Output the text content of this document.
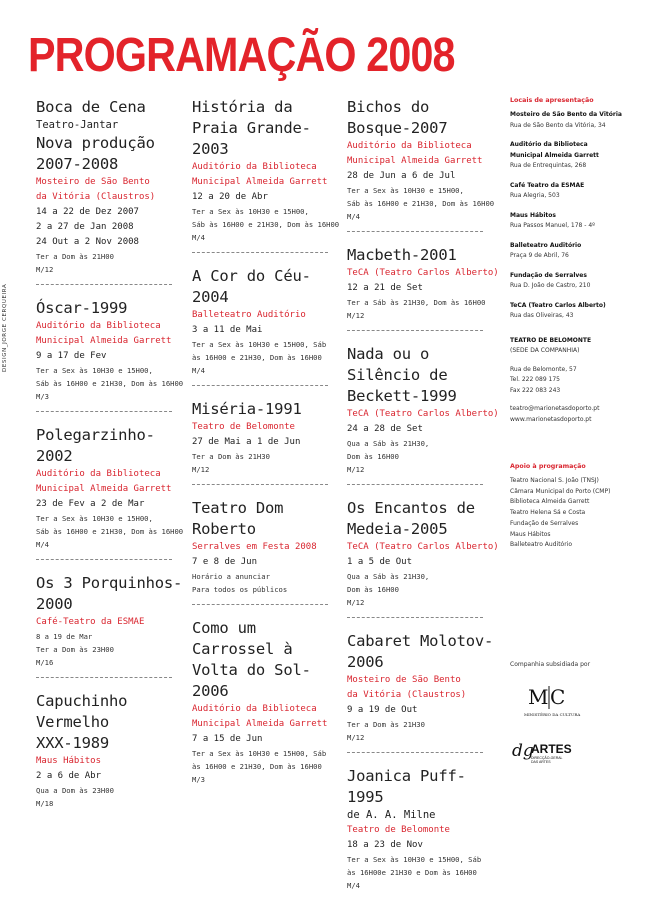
PROGRAMAÇÃO 2008
DESIGN_JORGE CERQUEIRA
Boca de Cena
Teatro-Jantar
Nova produção
2007-2008
Mosteiro de São Bento
da Vitória (Claustros)
14 a 22 de Dez 2007
2 a 27 de Jan 2008
24 Out a 2 Nov 2008
Ter a Dom às 21H00
M/12
Óscar-1999
Auditório da Biblioteca
Municipal Almeida Garrett
9 a 17 de Fev
Ter a Sex às 10H30 e 15H00,
Sáb às 16H00 e 21H30, Dom às 16H00
M/3
Polegarzinho-
2002
Auditório da Biblioteca
Municipal Almeida Garrett
23 de Fev a 2 de Mar
Ter a Sex às 10H30 e 15H00,
Sáb às 16H00 e 21H30, Dom às 16H00
M/4
Os 3 Porquinhos-
2000
Café-Teatro da ESMAE
8 a 19 de Mar
Ter a Dom às 23H00
M/16
Capuchinho
Vermelho
XXX-1989
Maus Hábitos
2 a 6 de Abr
Qua a Dom às 23H00
M/18
História da
Praia Grande-
2003
Auditório da Biblioteca
Municipal Almeida Garrett
12 a 20 de Abr
Ter a Sex às 10H30 e 15H00,
Sáb às 16H00 e 21H30, Dom às 16H00
M/4
A Cor do Céu-
2004
Balleteatro Auditório
3 a 11 de Mai
Ter a Sex às 10H30 e 15H00, Sáb
às 16H00 e 21H30, Dom às 16H00
M/4
Miséria-1991
Teatro de Belomonte
27 de Mai a 1 de Jun
Ter a Dom às 21H30
M/12
Teatro Dom
Roberto
Serralves em Festa 2008
7 e 8 de Jun
Horário a anunciar
Para todos os públicos
Como um
Carrossel à
Volta do Sol-
2006
Auditório da Biblioteca
Municipal Almeida Garrett
7 a 15 de Jun
Ter a Sex às 10H30 e 15H00, Sáb
às 16H00 e 21H30, Dom às 16H00
M/3
Bichos do
Bosque-2007
Auditório da Biblioteca
Municipal Almeida Garrett
28 de Jun a 6 de Jul
Ter a Sex às 10H30 e 15H00,
Sáb às 16H00 e 21H30, Dom às 16H00
M/4
Macbeth-2001
TeCA (Teatro Carlos Alberto)
12 a 21 de Set
Ter a Sáb às 21H30, Dom às 16H00
M/12
Nada ou o
Silêncio de
Beckett-1999
TeCA (Teatro Carlos Alberto)
24 a 28 de Set
Qua a Sáb às 21H30,
Dom às 16H00
M/12
Os Encantos de
Medeia-2005
TeCA (Teatro Carlos Alberto)
1 a 5 de Out
Qua a Sáb às 21H30,
Dom às 16H00
M/12
Cabaret Molotov-
2006
Mosteiro de São Bento
da Vitória (Claustros)
9 a 19 de Out
Ter a Dom às 21H30
M/12
Joanica Puff-
1995
de A. A. Milne
Teatro de Belomonte
18 a 23 de Nov
Ter a Sex às 10H30 e 15H00, Sáb
às 16H00e 21H30 e Dom às 16H00
M/4
Locais de apresentação
Mosteiro de São Bento da Vitória
Rua de São Bento da Vitória, 34
Auditório da Biblioteca
Municipal Almeida Garrett
Rua de Entrequintas, 268
Café Teatro da ESMAE
Rua Alegria, 503
Maus Hábitos
Rua Passos Manuel, 178 - 4º
Balleteatro Auditório
Praça 9 de Abril, 76
Fundação de Serralves
Rua D. João de Castro, 210
TeCA (Teatro Carlos Alberto)
Rua das Oliveiras, 43
TEATRO DE BELOMONTE
(SEDE DA COMPANHIA)
Rua de Belomonte, 57
Tel. 222 089 175
Fax 222 083 243
teatro@marionetasdoporto.pt
www.marionetasdoporto.pt
Apoio à programação
Teatro Nacional S. João (TNSJ)
Câmara Municipal do Porto (CMP)
Biblioteca Almeida Garrett
Teatro Helena Sá e Costa
Fundação de Serralves
Maus Hábitos
Balleteatro Auditório
Companhia subsidiada por
M C
MINISTÉRIO DA CULTURA
dg
ARTES
DIRECÇÃO-GERAL
DAS ARTES
